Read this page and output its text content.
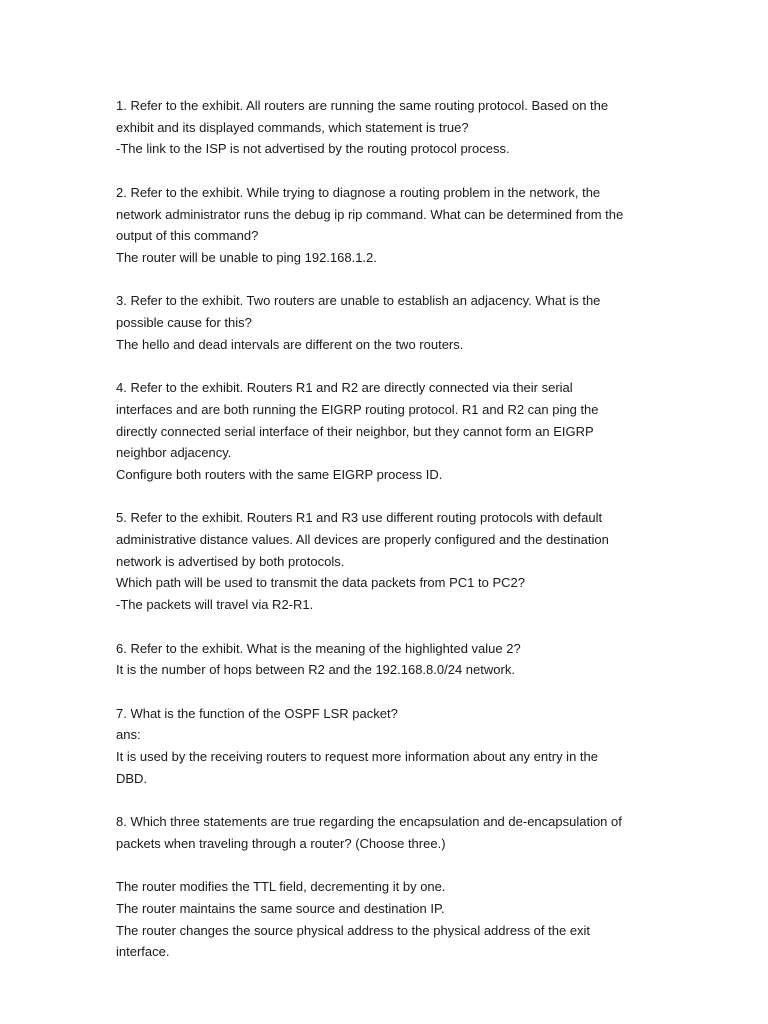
1. Refer to the exhibit. All routers are running the same routing protocol. Based on the
exhibit and its displayed commands, which statement is true?
-The link to the ISP is not advertised by the routing protocol process.
2. Refer to the exhibit. While trying to diagnose a routing problem in the network, the
network administrator runs the debug ip rip command. What can be determined from the
output of this command?
The router will be unable to ping 192.168.1.2.
3. Refer to the exhibit. Two routers are unable to establish an adjacency. What is the
possible cause for this?
The hello and dead intervals are different on the two routers.
4. Refer to the exhibit. Routers R1 and R2 are directly connected via their serial
interfaces and are both running the EIGRP routing protocol. R1 and R2 can ping the
directly connected serial interface of their neighbor, but they cannot form an EIGRP
neighbor adjacency.
Configure both routers with the same EIGRP process ID.
5. Refer to the exhibit. Routers R1 and R3 use different routing protocols with default
administrative distance values. All devices are properly configured and the destination
network is advertised by both protocols.
Which path will be used to transmit the data packets from PC1 to PC2?
-The packets will travel via R2-R1.
6. Refer to the exhibit. What is the meaning of the highlighted value 2?
It is the number of hops between R2 and the 192.168.8.0/24 network.
7. What is the function of the OSPF LSR packet?
ans:
It is used by the receiving routers to request more information about any entry in the
DBD.
8. Which three statements are true regarding the encapsulation and de-encapsulation of
packets when traveling through a router? (Choose three.)
The router modifies the TTL field, decrementing it by one.
The router maintains the same source and destination IP.
The router changes the source physical address to the physical address of the exit
interface.
